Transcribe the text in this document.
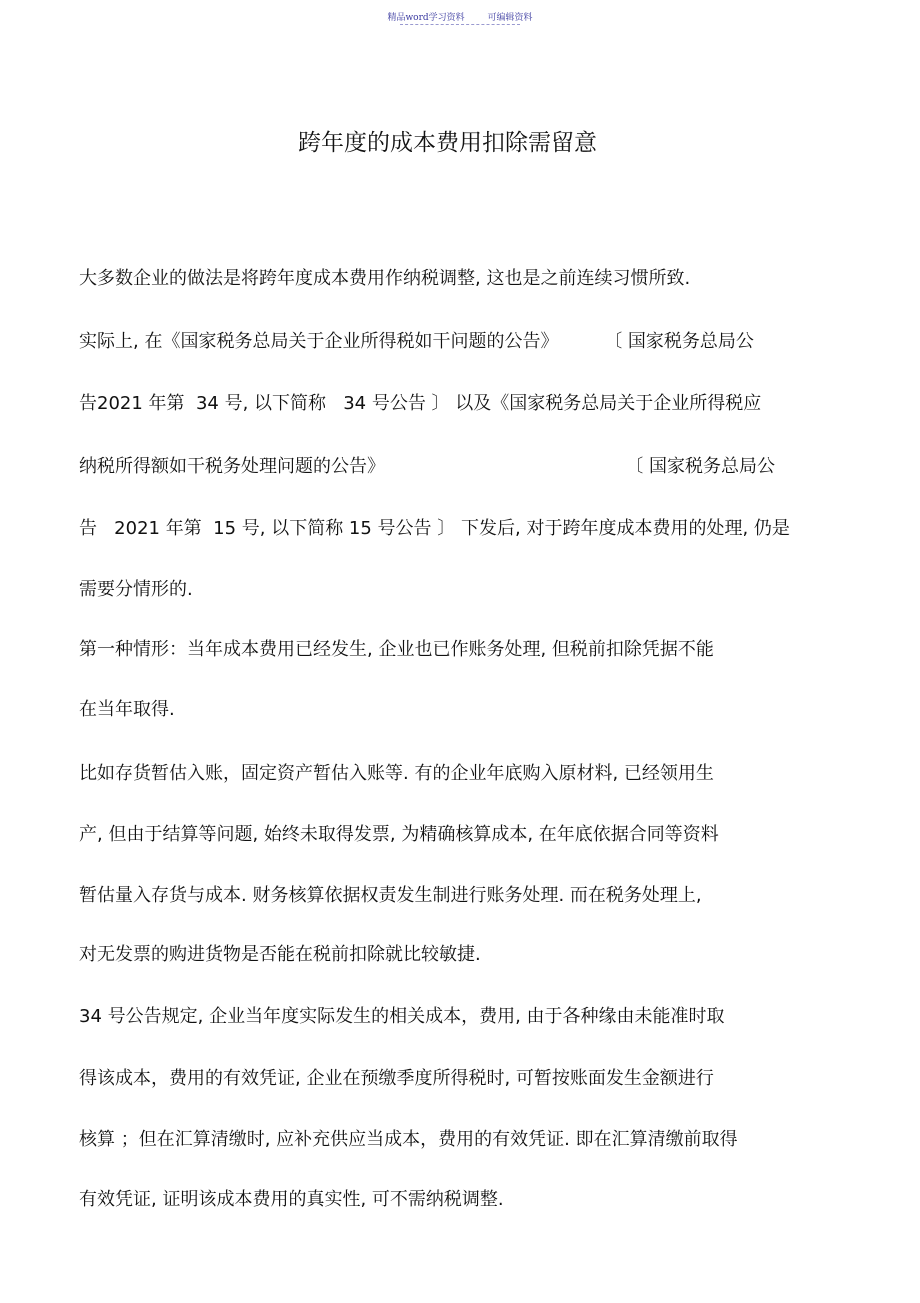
精品word学习资料	可编辑资料
跨年度的成本费用扣除需留意
大多数企业的做法是将跨年度成本费用作纳税调整, 这也是之前连续习惯所致.
实际上, 在《国家税务总局关于企业所得税如干问题的公告》        〔 国家税务总局公
告2021 年第  34 号, 以下简称   34 号公告 〕 以及《国家税务总局关于企业所得税应
纳税所得额如干税务处理问题的公告》                                          〔 国家税务总局公
告   2021 年第  15 号, 以下简称 15 号公告 〕 下发后, 对于跨年度成本费用的处理, 仍是
需要分情形的.
第一种情形：当年成本费用已经发生, 企业也已作账务处理, 但税前扣除凭据不能
在当年取得.
比如存货暂估入账，固定资产暂估入账等. 有的企业年底购入原材料, 已经领用生
产, 但由于结算等问题, 始终未取得发票, 为精确核算成本, 在年底依据合同等资料
暂估量入存货与成本. 财务核算依据权责发生制进行账务处理. 而在税务处理上,
对无发票的购进货物是否能在税前扣除就比较敏捷.
34 号公告规定, 企业当年度实际发生的相关成本，费用, 由于各种缘由未能准时取
得该成本，费用的有效凭证, 企业在预缴季度所得税时, 可暂按账面发生金额进行
核算 ；但在汇算清缴时, 应补充供应当成本，费用的有效凭证. 即在汇算清缴前取得
有效凭证, 证明该成本费用的真实性, 可不需纳税调整.
